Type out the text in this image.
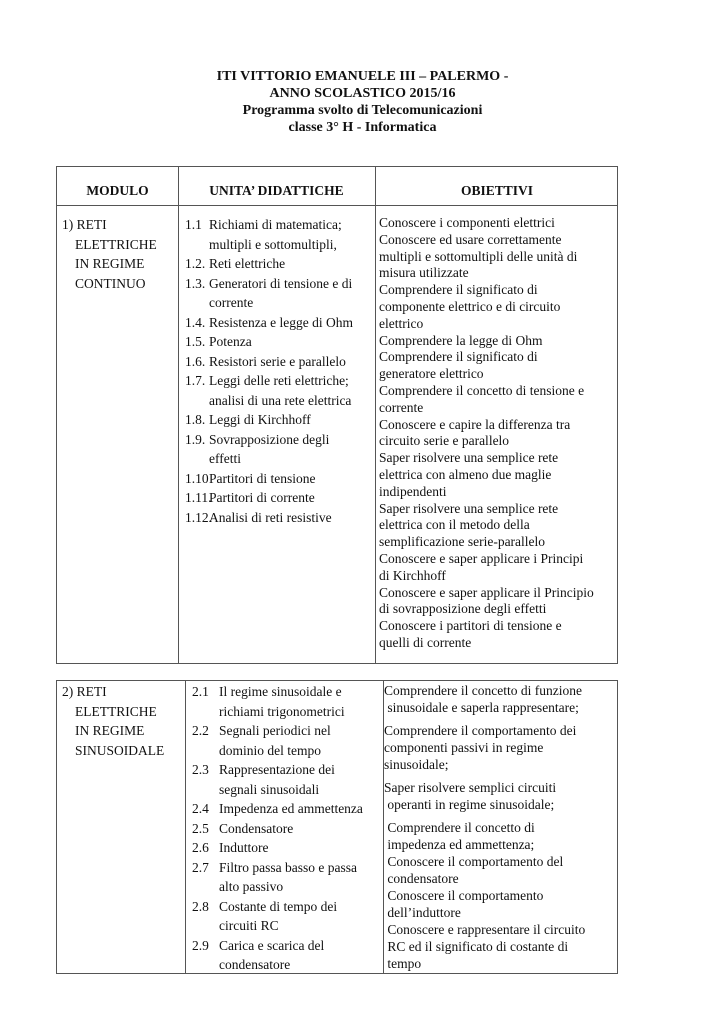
ITI VITTORIO EMANUELE III – PALERMO -
ANNO SCOLASTICO 2015/16
Programma svolto di Telecomunicazioni
classe 3° H - Informatica
MODULO	UNITA’ DIDATTICHE	OBIETTIVI
1) RETI
ELETTRICHE
IN REGIME
CONTINUO
1.1 Richiami di matematica;
multipli e sottomultipli,
1.2. Reti elettriche
1.3. Generatori di tensione e di
corrente
1.4. Resistenza e legge di Ohm
1.5. Potenza
1.6. Resistori serie e parallelo
1.7. Leggi delle reti elettriche;
analisi di una rete elettrica
1.8. Leggi di Kirchhoff
1.9. Sovrapposizione degli
effetti
1.10Partitori di tensione
1.11.Partitori di corrente
1.12.Analisi di reti resistive
Conoscere i componenti elettrici
Conoscere ed usare correttamente
multipli e sottomultipli delle unità di
misura utilizzate
Comprendere il significato di
componente elettrico e di circuito
elettrico
Comprendere la legge di Ohm
Comprendere il significato di
generatore elettrico
Comprendere il concetto di tensione e
corrente
Conoscere e capire la differenza tra
circuito serie e parallelo
Saper risolvere una semplice rete
elettrica con almeno due maglie
indipendenti
Saper risolvere una semplice rete
elettrica con il metodo della
semplificazione serie-parallelo
Conoscere e saper applicare i Principi
di Kirchhoff
Conoscere e saper applicare il Principio
di sovrapposizione degli effetti
Conoscere i partitori di tensione e
quelli di corrente
2) RETI
ELETTRICHE
IN REGIME
SINUSOIDALE
2.1 Il regime sinusoidale e
richiami trigonometrici
2.2 Segnali periodici nel
dominio del tempo
2.3 Rappresentazione dei
segnali sinusoidali
2.4 Impedenza ed ammettenza
2.5 Condensatore
2.6 Induttore
2.7 Filtro passa basso e passa
alto passivo
2.8 Costante di tempo dei
circuiti RC
2.9 Carica e scarica del
condensatore
Comprendere il concetto di funzione
sinusoidale e saperla rappresentare;
Comprendere il comportamento dei
componenti passivi in regime
sinusoidale;
Saper risolvere semplici circuiti
operanti in regime sinusoidale;
Comprendere il concetto di
impedenza ed ammettenza;
Conoscere il comportamento del
condensatore
Conoscere il comportamento
dell’induttore
Conoscere e rappresentare il circuito
RC ed il significato di costante di
tempo
